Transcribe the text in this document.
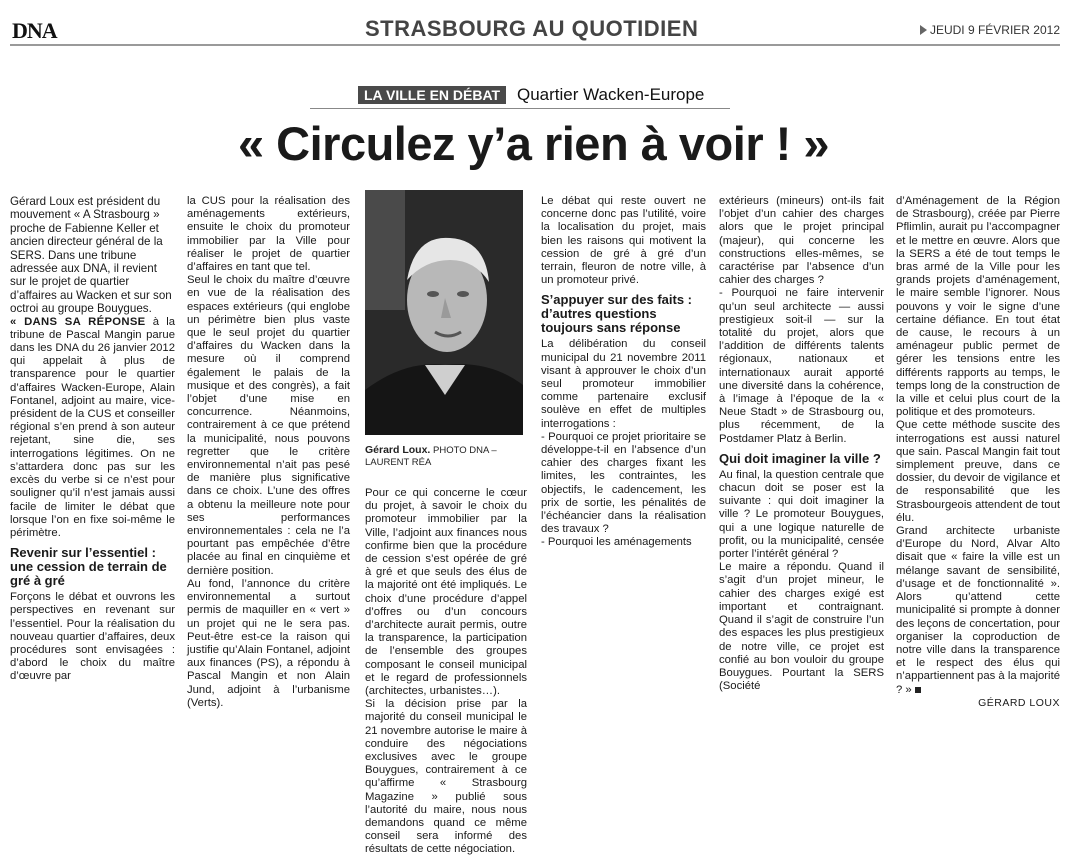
DNA	STRASBOURG AU QUOTIDIEN	JEUDI 9 FÉVRIER 2012
LA VILLE EN DÉBAT Quartier Wacken-Europe
« Circulez y’a rien à voir ! »

Gérard Loux est président du mouvement « A Strasbourg » proche de Fabienne Keller et ancien directeur général de la SERS. Dans une tribune adressée aux DNA, il revient sur le projet de quartier d’affaires au Wacken et sur son octroi au groupe Bouygues.

« DANS SA RÉPONSE à la tribune de Pascal Mangin parue dans les DNA du 26 janvier 2012 qui appelait à plus de transparence pour le quartier d’affaires Wacken-Europe, Alain Fontanel, adjoint au maire, vice-président de la CUS et conseiller régional s’en prend à son auteur rejetant, sine die, ses interrogations légitimes. On ne s’attardera donc pas sur les excès du verbe si ce n’est pour souligner qu’il n’est jamais aussi facile de limiter le débat que lorsque l’on en fixe soi-même le périmètre.

Revenir sur l’essentiel : une cession de terrain de gré à gré

Forçons le débat et ouvrons les perspectives en revenant sur l’essentiel. Pour la réalisation du nouveau quartier d’affaires, deux procédures sont envisagées : d’abord le choix du maître d’œuvre par

la CUS pour la réalisation des aménagements extérieurs, ensuite le choix du promoteur immobilier par la Ville pour réaliser le projet de quartier d’affaires en tant que tel.

Seul le choix du maître d’œuvre en vue de la réalisation des espaces extérieurs (qui englobe un périmètre bien plus vaste que le seul projet du quartier d’affaires du Wacken dans la mesure où il comprend également le palais de la musique et des congrès), a fait l’objet d’une mise en concurrence. Néanmoins, contrairement à ce que prétend la municipalité, nous pouvons regretter que le critère environnemental n’ait pas pesé de manière plus significative dans ce choix. L’une des offres a obtenu la meilleure note pour ses performances environnementales : cela ne l’a pourtant pas empêchée d’être placée au final en cinquième et dernière position.

Au fond, l’annonce du critère environnemental a surtout permis de maquiller en « vert » un projet qui ne le sera pas. Peut-être est-ce la raison qui justifie qu’Alain Fontanel, adjoint aux finances (PS), a répondu à Pascal Mangin et non Alain Jund, adjoint à l’urbanisme (Verts).

Gérard Loux. PHOTO DNA – LAURENT RÉA

Pour ce qui concerne le cœur du projet, à savoir le choix du promoteur immobilier par la Ville, l’adjoint aux finances nous confirme bien que la procédure de cession s’est opérée de gré à gré et que seuls des élus de la majorité ont été impliqués. Le choix d’une procédure d’appel d’offres ou d’un concours d’architecte aurait permis, outre la transparence, la participation de l’ensemble des groupes composant le conseil municipal et le regard de professionnels (architectes, urbanistes…).

Si la décision prise par la majorité du conseil municipal le 21 novembre autorise le maire à conduire des négociations exclusives avec le groupe Bouygues, contrairement à ce qu’affirme « Strasbourg Magazine » publié sous l’autorité du maire, nous nous demandons quand ce même conseil sera informé des résultats de cette négociation.

Le débat qui reste ouvert ne concerne donc pas l’utilité, voire la localisation du projet, mais bien les raisons qui motivent la cession de gré à gré d’un terrain, fleuron de notre ville, à un promoteur privé.

S’appuyer sur des faits : d’autres questions toujours sans réponse

La délibération du conseil municipal du 21 novembre 2011 visant à approuver le choix d’un seul promoteur immobilier comme partenaire exclusif soulève en effet de multiples interrogations :

- Pourquoi ce projet prioritaire se développe-t-il en l’absence d’un cahier des charges fixant les limites, les contraintes, les objectifs, le cadencement, les prix de sortie, les pénalités de l’échéancier dans la réalisation des travaux ?

- Pourquoi les aménagements

extérieurs (mineurs) ont-ils fait l’objet d’un cahier des charges alors que le projet principal (majeur), qui concerne les constructions elles-mêmes, se caractérise par l’absence d’un cahier des charges ?

- Pourquoi ne faire intervenir qu’un seul architecte — aussi prestigieux soit-il — sur la totalité du projet, alors que l’addition de différents talents régionaux, nationaux et internationaux aurait apporté une diversité dans la cohérence, à l’image à l’époque de la « Neue Stadt » de Strasbourg ou, plus récemment, de la Postdamer Platz à Berlin.

Qui doit imaginer la ville ?

Au final, la question centrale que chacun doit se poser est la suivante : qui doit imaginer la ville ? Le promoteur Bouygues, qui a une logique naturelle de profit, ou la municipalité, censée porter l’intérêt général ?

Le maire a répondu. Quand il s’agit d’un projet mineur, le cahier des charges exigé est important et contraignant. Quand il s’agit de construire l’un des espaces les plus prestigieux de notre ville, ce projet est confié au bon vouloir du groupe Bouygues. Pourtant la SERS (Société

d’Aménagement de la Région de Strasbourg), créée par Pierre Pflimlin, aurait pu l’accompagner et le mettre en œuvre. Alors que la SERS a été de tout temps le bras armé de la Ville pour les grands projets d’aménagement, le maire semble l’ignorer. Nous pouvons y voir le signe d’une certaine défiance. En tout état de cause, le recours à un aménageur public permet de gérer les tensions entre les différents rapports au temps, le temps long de la construction de la ville et celui plus court de la politique et des promoteurs.

Que cette méthode suscite des interrogations est aussi naturel que sain. Pascal Mangin fait tout simplement preuve, dans ce dossier, du devoir de vigilance et de responsabilité que les Strasbourgeois attendent de tout élu.

Grand architecte urbaniste d’Europe du Nord, Alvar Alto disait que « faire la ville est un mélange savant de sensibilité, d’usage et de fonctionnalité ». Alors qu’attend cette municipalité si prompte à donner des leçons de concertation, pour organiser la coproduction de notre ville dans la transparence et le respect des élus qui n’appartiennent pas à la majorité ? »

GÉRARD LOUX
